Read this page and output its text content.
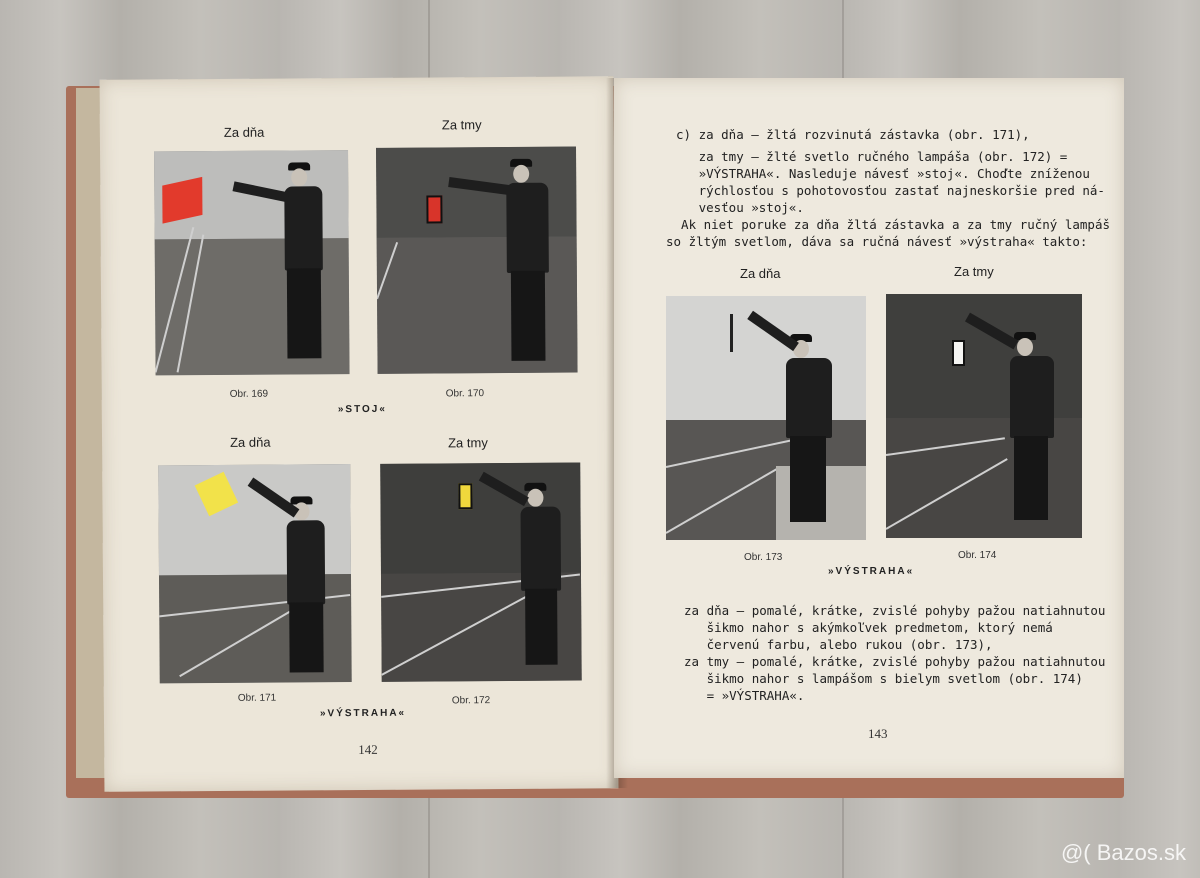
Za dňa	Za tmy
Obr. 169	Obr. 170
»STOJ«
Za dňa	Za tmy
Obr. 171	Obr. 172
»VÝSTRAHA«
142
c) za dňa — žltá rozvinutá zástavka (obr. 171),
za tmy — žlté svetlo ručného lampáša (obr. 172) =
»VÝSTRAHA«. Nasleduje návesť »stoj«. Choďte zníženou
rýchlosťou s pohotovosťou zastať najneskoršie pred ná-
vesťou »stoj«.
Ak niet poruke za dňa žltá zástavka a za tmy ručný lampáš
so žltým svetlom, dáva sa ručná návesť »výstraha« takto:
Za dňa	Za tmy
Obr. 173	Obr. 174
»VÝSTRAHA«
za dňa — pomalé, krátke, zvislé pohyby pažou natiahnutou
šikmo nahor s akýmkoľvek predmetom, ktorý nemá
červenú farbu, alebo rukou (obr. 173),
za tmy — pomalé, krátke, zvislé pohyby pažou natiahnutou
šikmo nahor s lampášom s bielym svetlom (obr. 174)
= »VÝSTRAHA«.
143
@( Bazos.sk
